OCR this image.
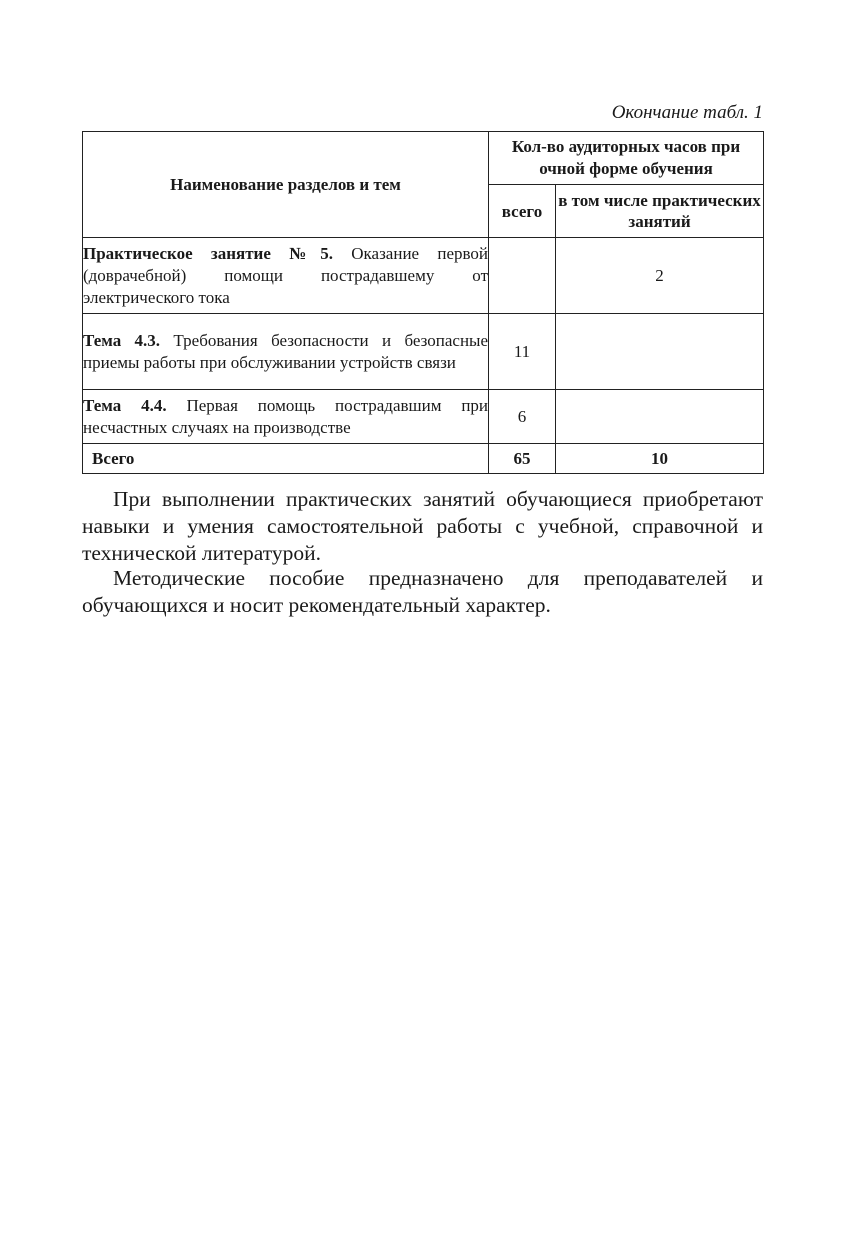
Окончание табл. 1
Наименование разделов и тем	Кол-во аудиторных часов при очной форме обучения	
	всего	в том числе практических занятий
Практическое занятие №5. Оказание первой (доврачебной) помощи пострадавшему от электрического тока		2
Тема 4.3. Требования безопасности и безопасные приемы работы при обслуживании устройств связи	11	
Тема 4.4. Первая помощь пострадавшим при несчастных случаях на производстве	6	
Всего	65	10

При выполнении практических занятий обучающиеся приобретают навыки и умения самостоятельной работы с учебной, справочной и технической литературой.

Методические пособие предназначено для преподавателей и обучающихся и носит рекомендательный характер.
